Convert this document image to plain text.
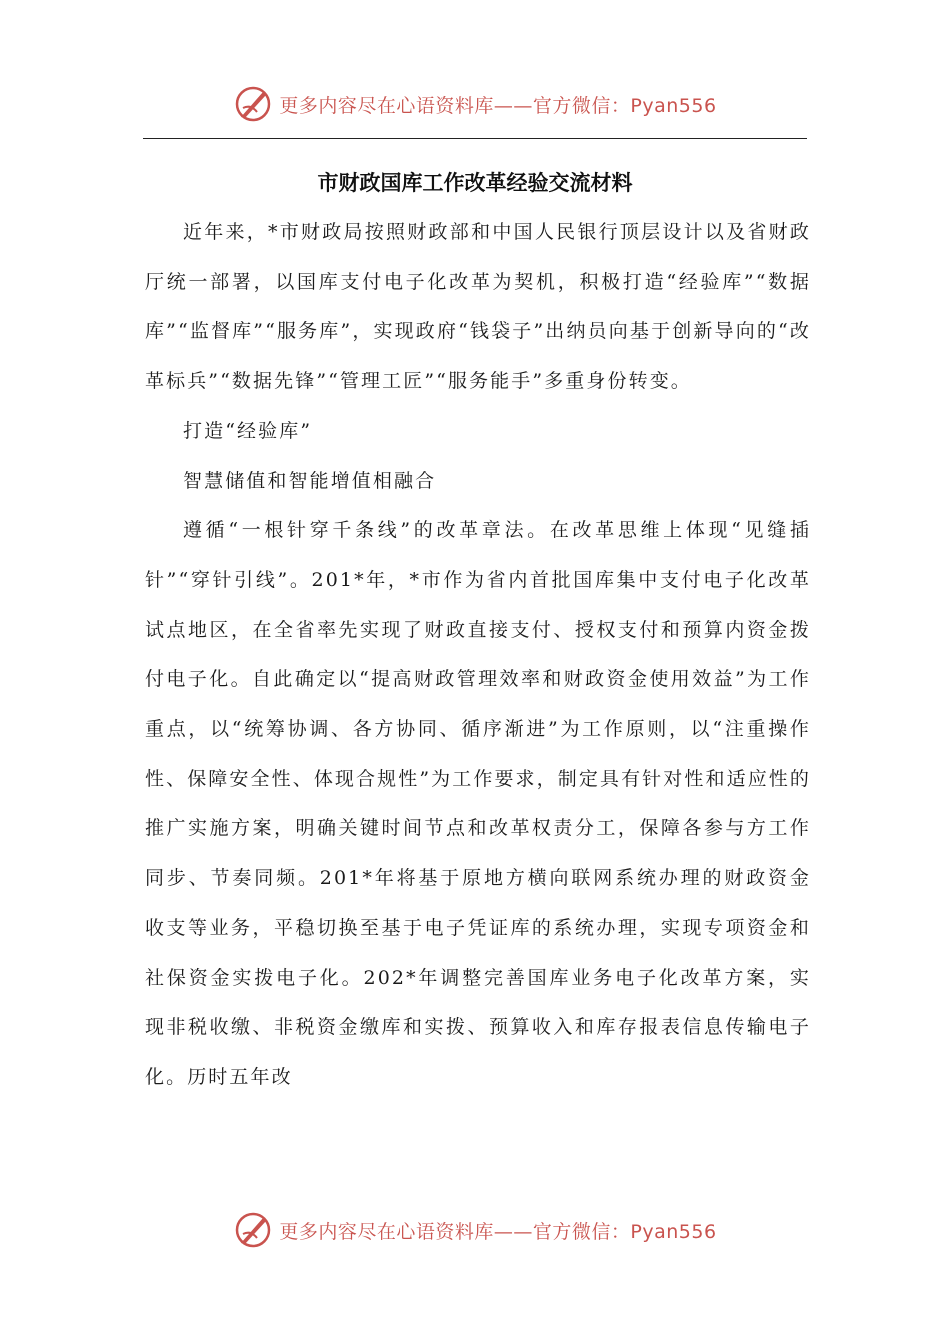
更多内容尽在心语资料库——官方微信：Pyan556
市财政国库工作改革经验交流材料

近年来，*市财政局按照财政部和中国人民银行顶层设计以及省财政厅统一部署，以国库支付电子化改革为契机，积极打造“经验库”“数据库”“监督库”“服务库”，实现政府“钱袋子”出纳员向基于创新导向的“改革标兵”“数据先锋”“管理工匠”“服务能手”多重身份转变。

打造“经验库”

智慧储值和智能增值相融合

遵循“一根针穿千条线”的改革章法。在改革思维上体现“见缝插针”“穿针引线”。201*年，*市作为省内首批国库集中支付电子化改革试点地区，在全省率先实现了财政直接支付、授权支付和预算内资金拨付电子化。自此确定以“提高财政管理效率和财政资金使用效益”为工作重点，以“统筹协调、各方协同、循序渐进”为工作原则，以“注重操作性、保障安全性、体现合规性”为工作要求，制定具有针对性和适应性的推广实施方案，明确关键时间节点和改革权责分工，保障各参与方工作同步、节奏同频。201*年将基于原地方横向联网系统办理的财政资金收支等业务，平稳切换至基于电子凭证库的系统办理，实现专项资金和社保资金实拨电子化。202*年调整完善国库业务电子化改革方案，实现非税收缴、非税资金缴库和实拨、预算收入和库存报表信息传输电子化。历时五年改

更多内容尽在心语资料库——官方微信：Pyan556
